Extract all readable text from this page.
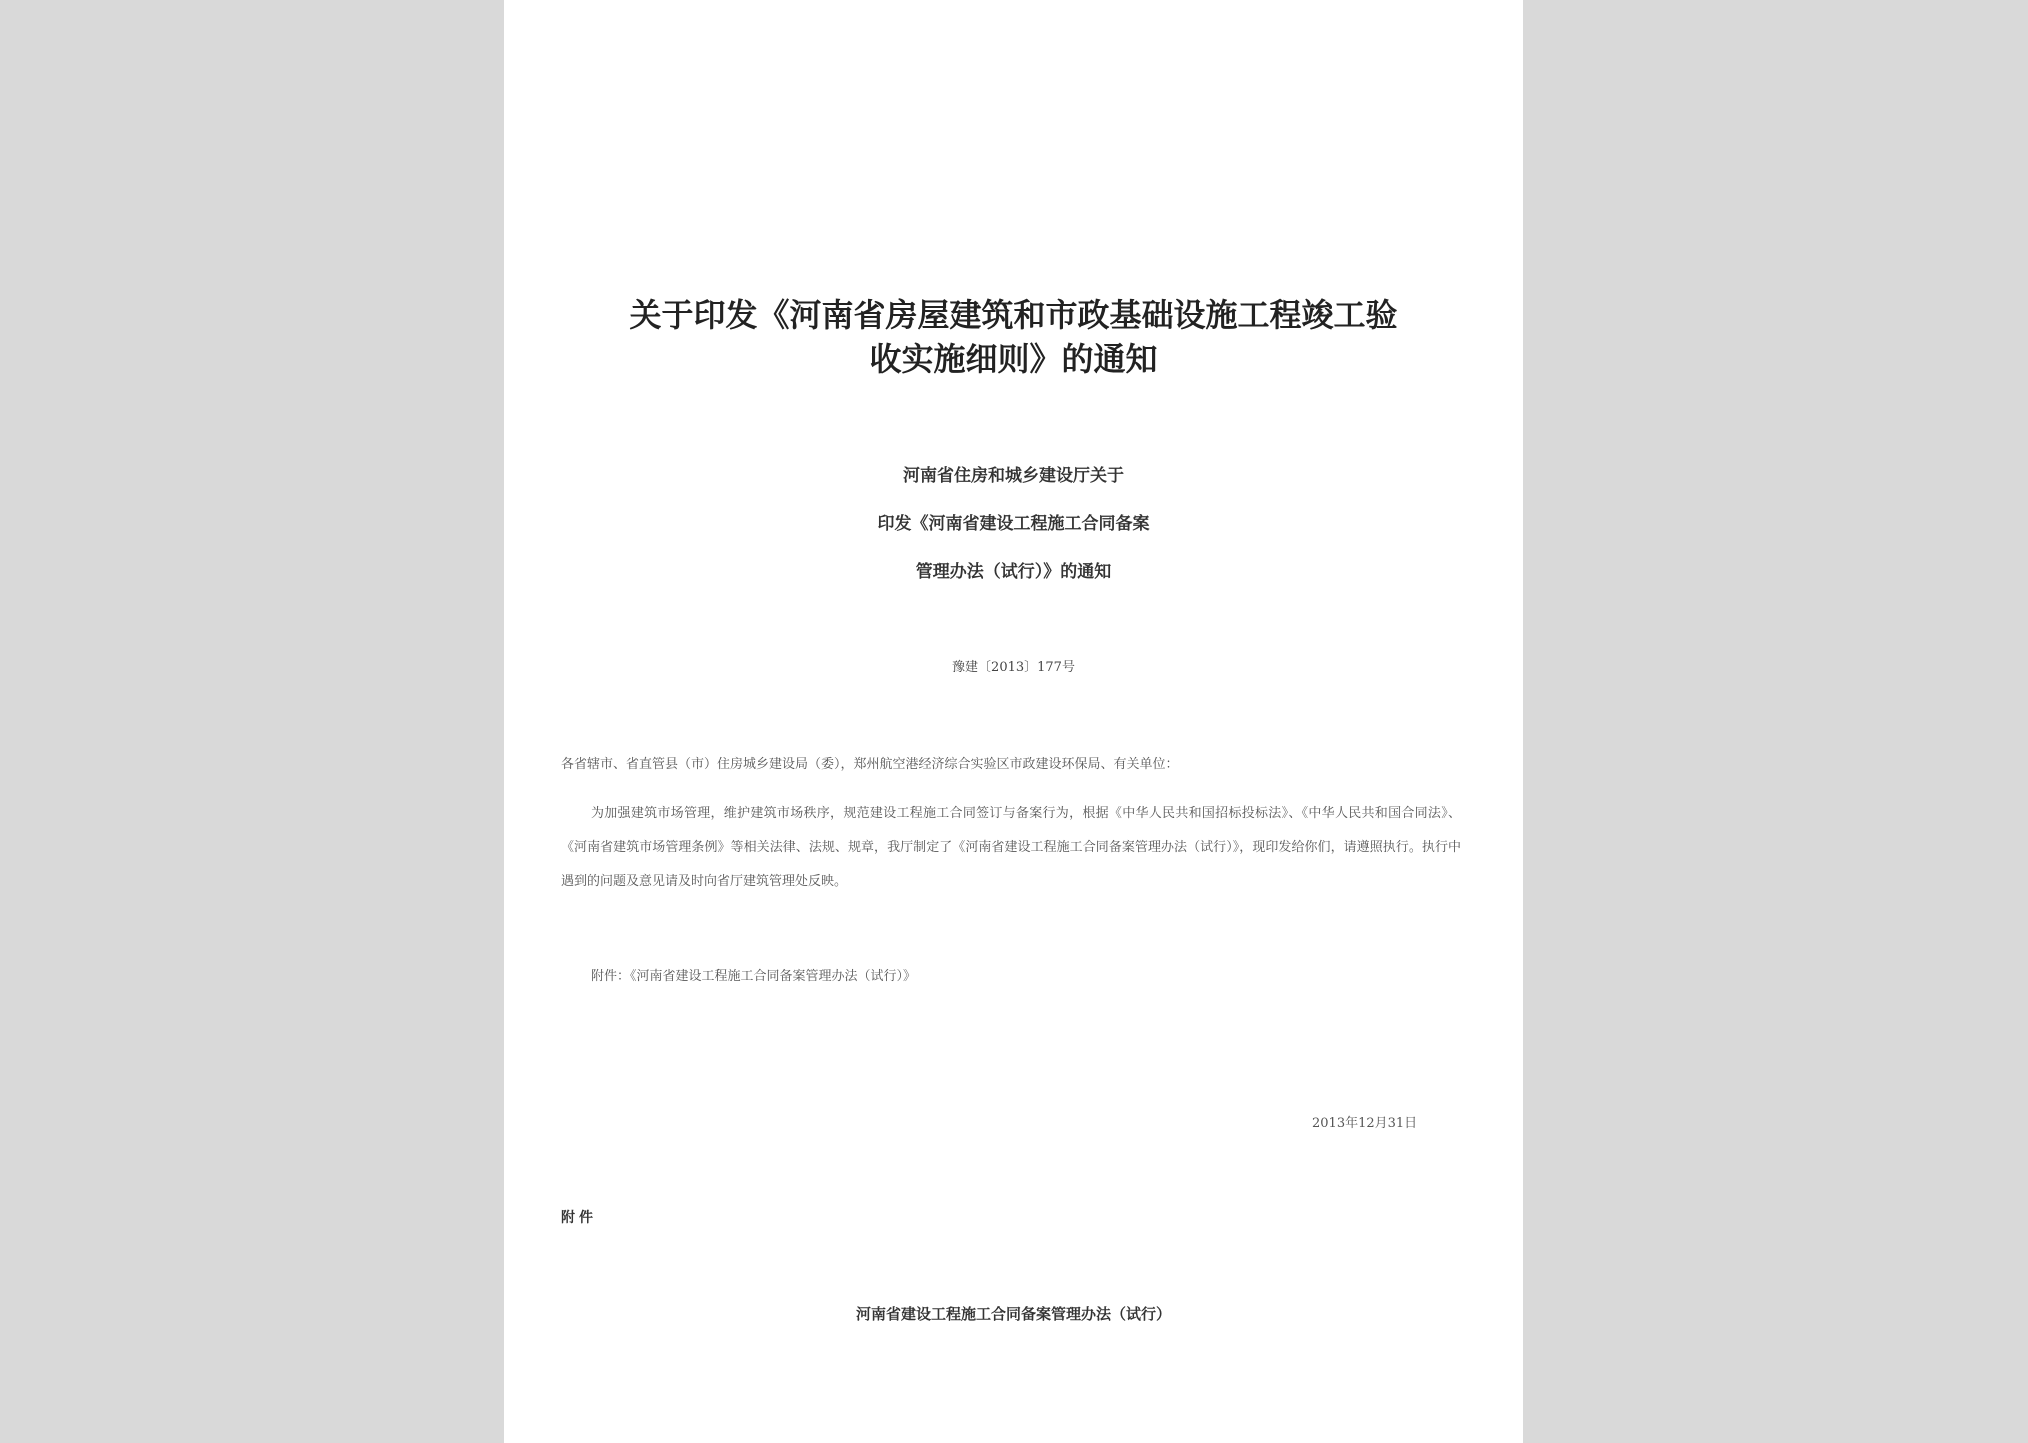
关于印发《河南省房屋建筑和市政基础设施工程竣工验
收实施细则》的通知
河南省住房和城乡建设厅关于
印发《河南省建设工程施工合同备案
管理办法（试行）》的通知
豫建〔2013〕177号
各省辖市、省直管县（市）住房城乡建设局（委），郑州航空港经济综合实验区市政建设环保局、有关单位：
为加强建筑市场管理，维护建筑市场秩序，规范建设工程施工合同签订与备案行为，根据《中华人民共和国招标投标法》、《中华人民共和国合同法》、《河南省建筑市场管理条例》等相关法律、法规、规章，我厅制定了《河南省建设工程施工合同备案管理办法（试行）》，现印发给你们，请遵照执行。执行中遇到的问题及意见请及时向省厅建筑管理处反映。
附件：《河南省建设工程施工合同备案管理办法（试行）》
2013年12月31日
附件
河南省建设工程施工合同备案管理办法（试行）
